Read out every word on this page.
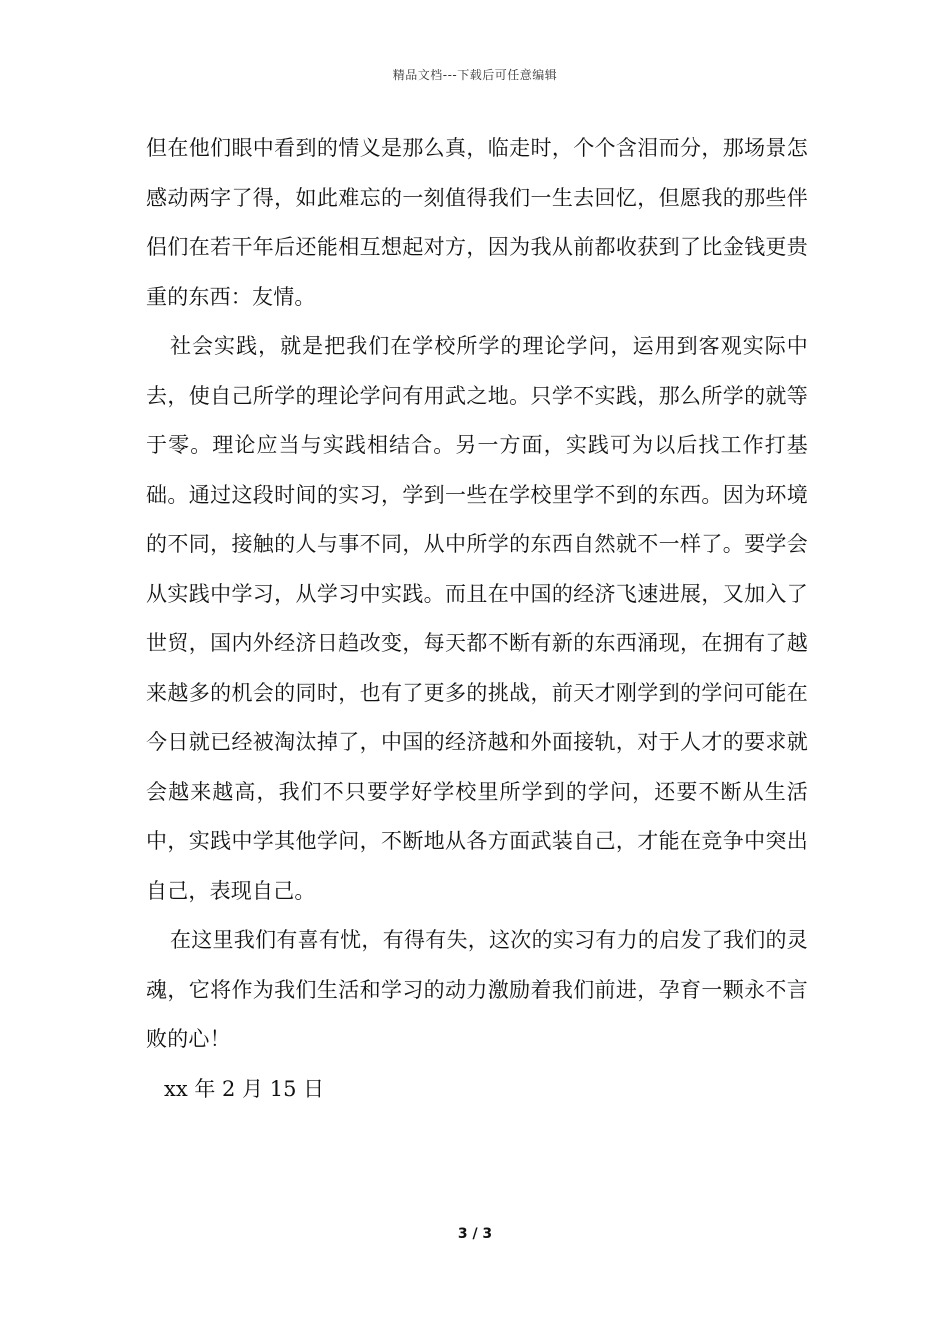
精品文档---下载后可任意编辑

但在他们眼中看到的情义是那么真，临走时，个个含泪而分，那场景怎感动两字了得，如此难忘的一刻值得我们一生去回忆，但愿我的那些伴侣们在若干年后还能相互想起对方，因为我从前都收获到了比金钱更贵重的东西：友情。

社会实践，就是把我们在学校所学的理论学问，运用到客观实际中去，使自己所学的理论学问有用武之地。只学不实践，那么所学的就等于零。理论应当与实践相结合。另一方面，实践可为以后找工作打基础。通过这段时间的实习，学到一些在学校里学不到的东西。因为环境的不同，接触的人与事不同，从中所学的东西自然就不一样了。要学会从实践中学习，从学习中实践。而且在中国的经济飞速进展，又加入了世贸，国内外经济日趋改变，每天都不断有新的东西涌现，在拥有了越来越多的机会的同时，也有了更多的挑战，前天才刚学到的学问可能在今日就已经被淘汰掉了，中国的经济越和外面接轨，对于人才的要求就会越来越高，我们不只要学好学校里所学到的学问，还要不断从生活中，实践中学其他学问，不断地从各方面武装自己，才能在竞争中突出自己，表现自己。

在这里我们有喜有忧，有得有失，这次的实习有力的启发了我们的灵魂，它将作为我们生活和学习的动力激励着我们前进，孕育一颗永不言败的心！

xx 年 2 月 15 日

3 / 3
